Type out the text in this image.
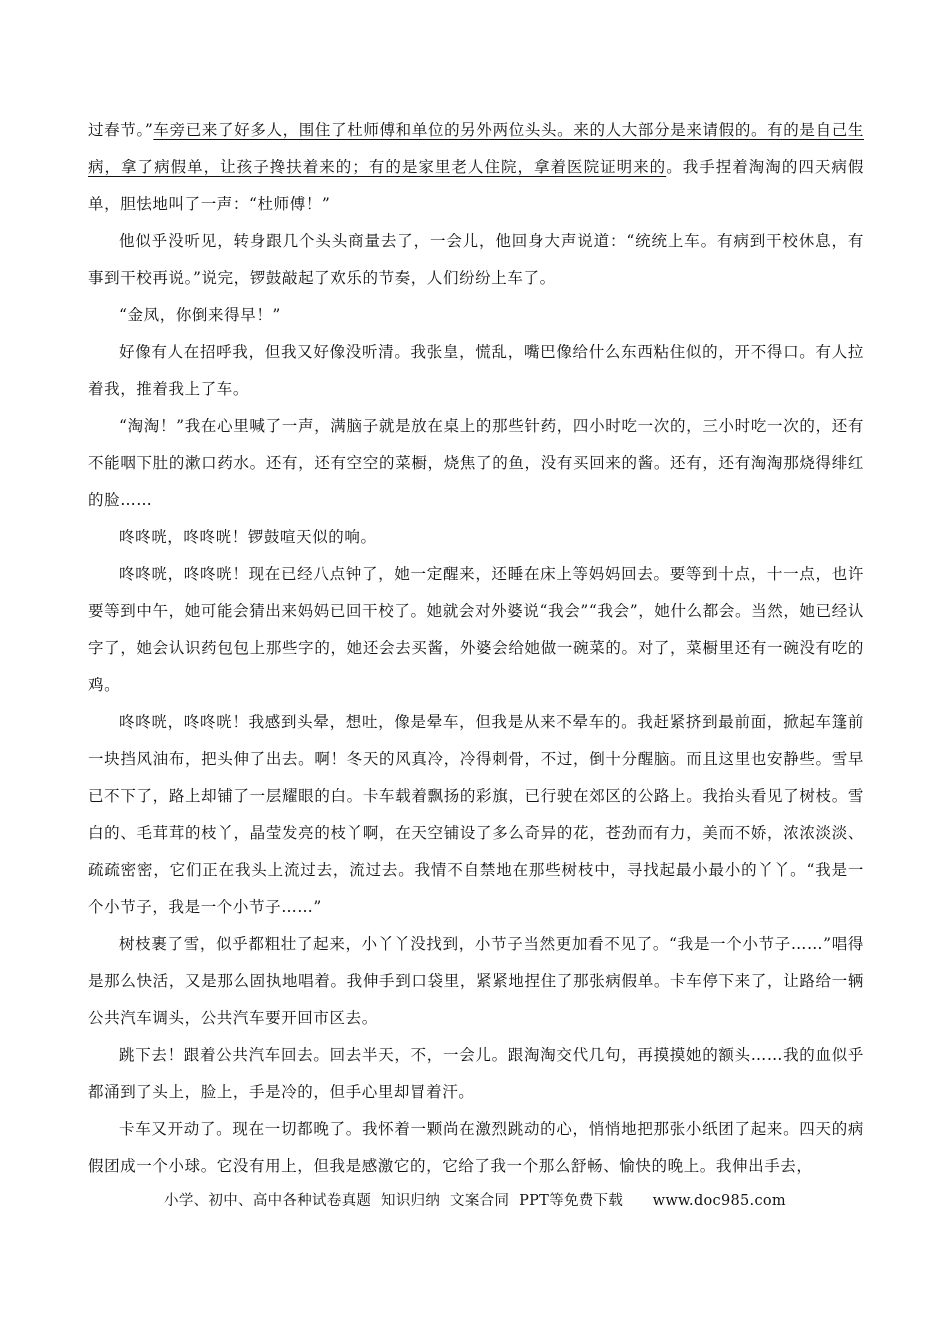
过春节。”车旁已来了好多人，围住了杜师傅和单位的另外两位头头。来的人大部分是来请假的。有的是自己生病，拿了病假单，让孩子搀扶着来的；有的是家里老人住院，拿着医院证明来的。我手捏着淘淘的四天病假单，胆怯地叫了一声：“杜师傅！”

他似乎没听见，转身跟几个头头商量去了，一会儿，他回身大声说道：“统统上车。有病到干校休息，有事到干校再说。”说完，锣鼓敲起了欢乐的节奏，人们纷纷上车了。

“金凤，你倒来得早！”

好像有人在招呼我，但我又好像没听清。我张皇，慌乱，嘴巴像给什么东西粘住似的，开不得口。有人拉着我，推着我上了车。

“淘淘！”我在心里喊了一声，满脑子就是放在桌上的那些针药，四小时吃一次的，三小时吃一次的，还有不能咽下肚的漱口药水。还有，还有空空的菜橱，烧焦了的鱼，没有买回来的酱。还有，还有淘淘那烧得绯红的脸……

咚咚咣，咚咚咣！锣鼓喧天似的响。

咚咚咣，咚咚咣！现在已经八点钟了，她一定醒来，还睡在床上等妈妈回去。要等到十点，十一点，也许要等到中午，她可能会猜出来妈妈已回干校了。她就会对外婆说“我会”“我会”，她什么都会。当然，她已经认字了，她会认识药包包上那些字的，她还会去买酱，外婆会给她做一碗菜的。对了，菜橱里还有一碗没有吃的鸡。

咚咚咣，咚咚咣！我感到头晕，想吐，像是晕车，但我是从来不晕车的。我赶紧挤到最前面，掀起车篷前一块挡风油布，把头伸了出去。啊！冬天的风真冷，冷得刺骨，不过，倒十分醒脑。而且这里也安静些。雪早已不下了，路上却铺了一层耀眼的白。卡车载着飘扬的彩旗，已行驶在郊区的公路上。我抬头看见了树枝。雪白的、毛茸茸的枝丫，晶莹发亮的枝丫啊，在天空铺设了多么奇异的花，苍劲而有力，美而不娇，浓浓淡淡、疏疏密密，它们正在我头上流过去，流过去。我情不自禁地在那些树枝中，寻找起最小最小的丫丫。“我是一个小节子，我是一个小节子……”

树枝裹了雪，似乎都粗壮了起来，小丫丫没找到，小节子当然更加看不见了。“我是一个小节子……”唱得是那么快活，又是那么固执地唱着。我伸手到口袋里，紧紧地捏住了那张病假单。卡车停下来了，让路给一辆公共汽车调头，公共汽车要开回市区去。

跳下去！跟着公共汽车回去。回去半天，不，一会儿。跟淘淘交代几句，再摸摸她的额头……我的血似乎都涌到了头上，脸上，手是冷的，但手心里却冒着汗。

卡车又开动了。现在一切都晚了。我怀着一颗尚在激烈跳动的心，悄悄地把那张小纸团了起来。四天的病假团成一个小球。它没有用上，但我是感激它的，它给了我一个那么舒畅、愉快的晚上。我伸出手去，

小学、初中、高中各种试卷真题  知识归纳  文案合同  PPT等免费下载 www.doc985.com
